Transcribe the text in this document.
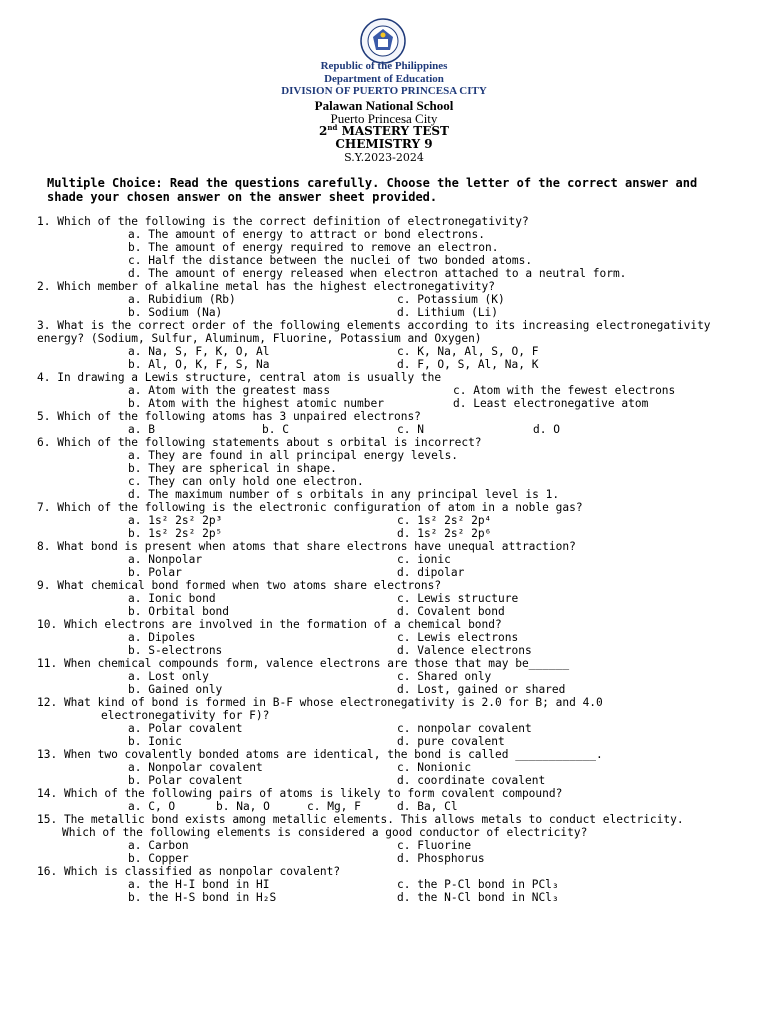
Republic of the Philippines
Department of Education
DIVISION OF PUERTO PRINCESA CITY
Palawan National School
Puerto Princesa City
2nd MASTERY TEST
CHEMISTRY 9
S.Y.2023-2024
Multiple Choice: Read the questions carefully. Choose the letter of the correct answer and shade your chosen answer on the answer sheet provided.
1. Which of the following is the correct definition of electronegativity?
a. The amount of energy to attract or bond electrons.
b. The amount of energy required to remove an electron.
c. Half the distance between the nuclei of two bonded atoms.
d. The amount of energy released when electron attached to a neutral form.
2. Which member of alkaline metal has the highest electronegativity?
a. Rubidium (Rb)	c. Potassium (K)
b. Sodium (Na)	d. Lithium (Li)
3. What is the correct order of the following elements according to its increasing electronegativity
energy? (Sodium, Sulfur, Aluminum, Fluorine, Potassium and Oxygen)
a. Na, S, F, K, O, Al	c. K, Na, Al, S, O, F
b. Al, O, K, F, S, Na	d. F, O, S, Al, Na, K
4. In drawing a Lewis structure, central atom is usually the
a. Atom with the greatest mass	c. Atom with the fewest electrons
b. Atom with the highest atomic number	d. Least electronegative atom
5. Which of the following atoms has 3 unpaired electrons?
a. B	b. C	c. N	d. O
6. Which of the following statements about s orbital is incorrect?
a. They are found in all principal energy levels.
b. They are spherical in shape.
c. They can only hold one electron.
d. The maximum number of s orbitals in any principal level is 1.
7. Which of the following is the electronic configuration of atom in a noble gas?
a. 1s² 2s² 2p³	c. 1s² 2s² 2p⁴
b. 1s² 2s² 2p⁵	d. 1s² 2s² 2p⁶
8. What bond is present when atoms that share electrons have unequal attraction?
a. Nonpolar	c. ionic
b. Polar	d. dipolar
9. What chemical bond formed when two atoms share electrons?
a. Ionic bond	c. Lewis structure
b. Orbital bond	d. Covalent bond
10. Which electrons are involved in the formation of a chemical bond?
a. Dipoles	c. Lewis electrons
b. S-electrons	d. Valence electrons
11. When chemical compounds form, valence electrons are those that may be______
a. Lost only	c. Shared only
b. Gained only	d. Lost, gained or shared
12. What kind of bond is formed in B-F whose electronegativity is 2.0 for B; and 4.0
electronegativity for F)?
a. Polar covalent	c. nonpolar covalent
b. Ionic	d. pure covalent
13. When two covalently bonded atoms are identical, the bond is called ____________.
a. Nonpolar covalent	c. Nonionic
b. Polar covalent	d. coordinate covalent
14. Which of the following pairs of atoms is likely to form covalent compound?
a. C, O	b. Na, O	c. Mg, F	d. Ba, Cl
15. The metallic bond exists among metallic elements. This allows metals to conduct electricity.
Which of the following elements is considered a good conductor of electricity?
a. Carbon	c. Fluorine
b. Copper	d. Phosphorus
16. Which is classified as nonpolar covalent?
a. the H-I bond in HI	c. the P-Cl bond in PCl₃
b. the H-S bond in H₂S	d. the N-Cl bond in NCl₃
